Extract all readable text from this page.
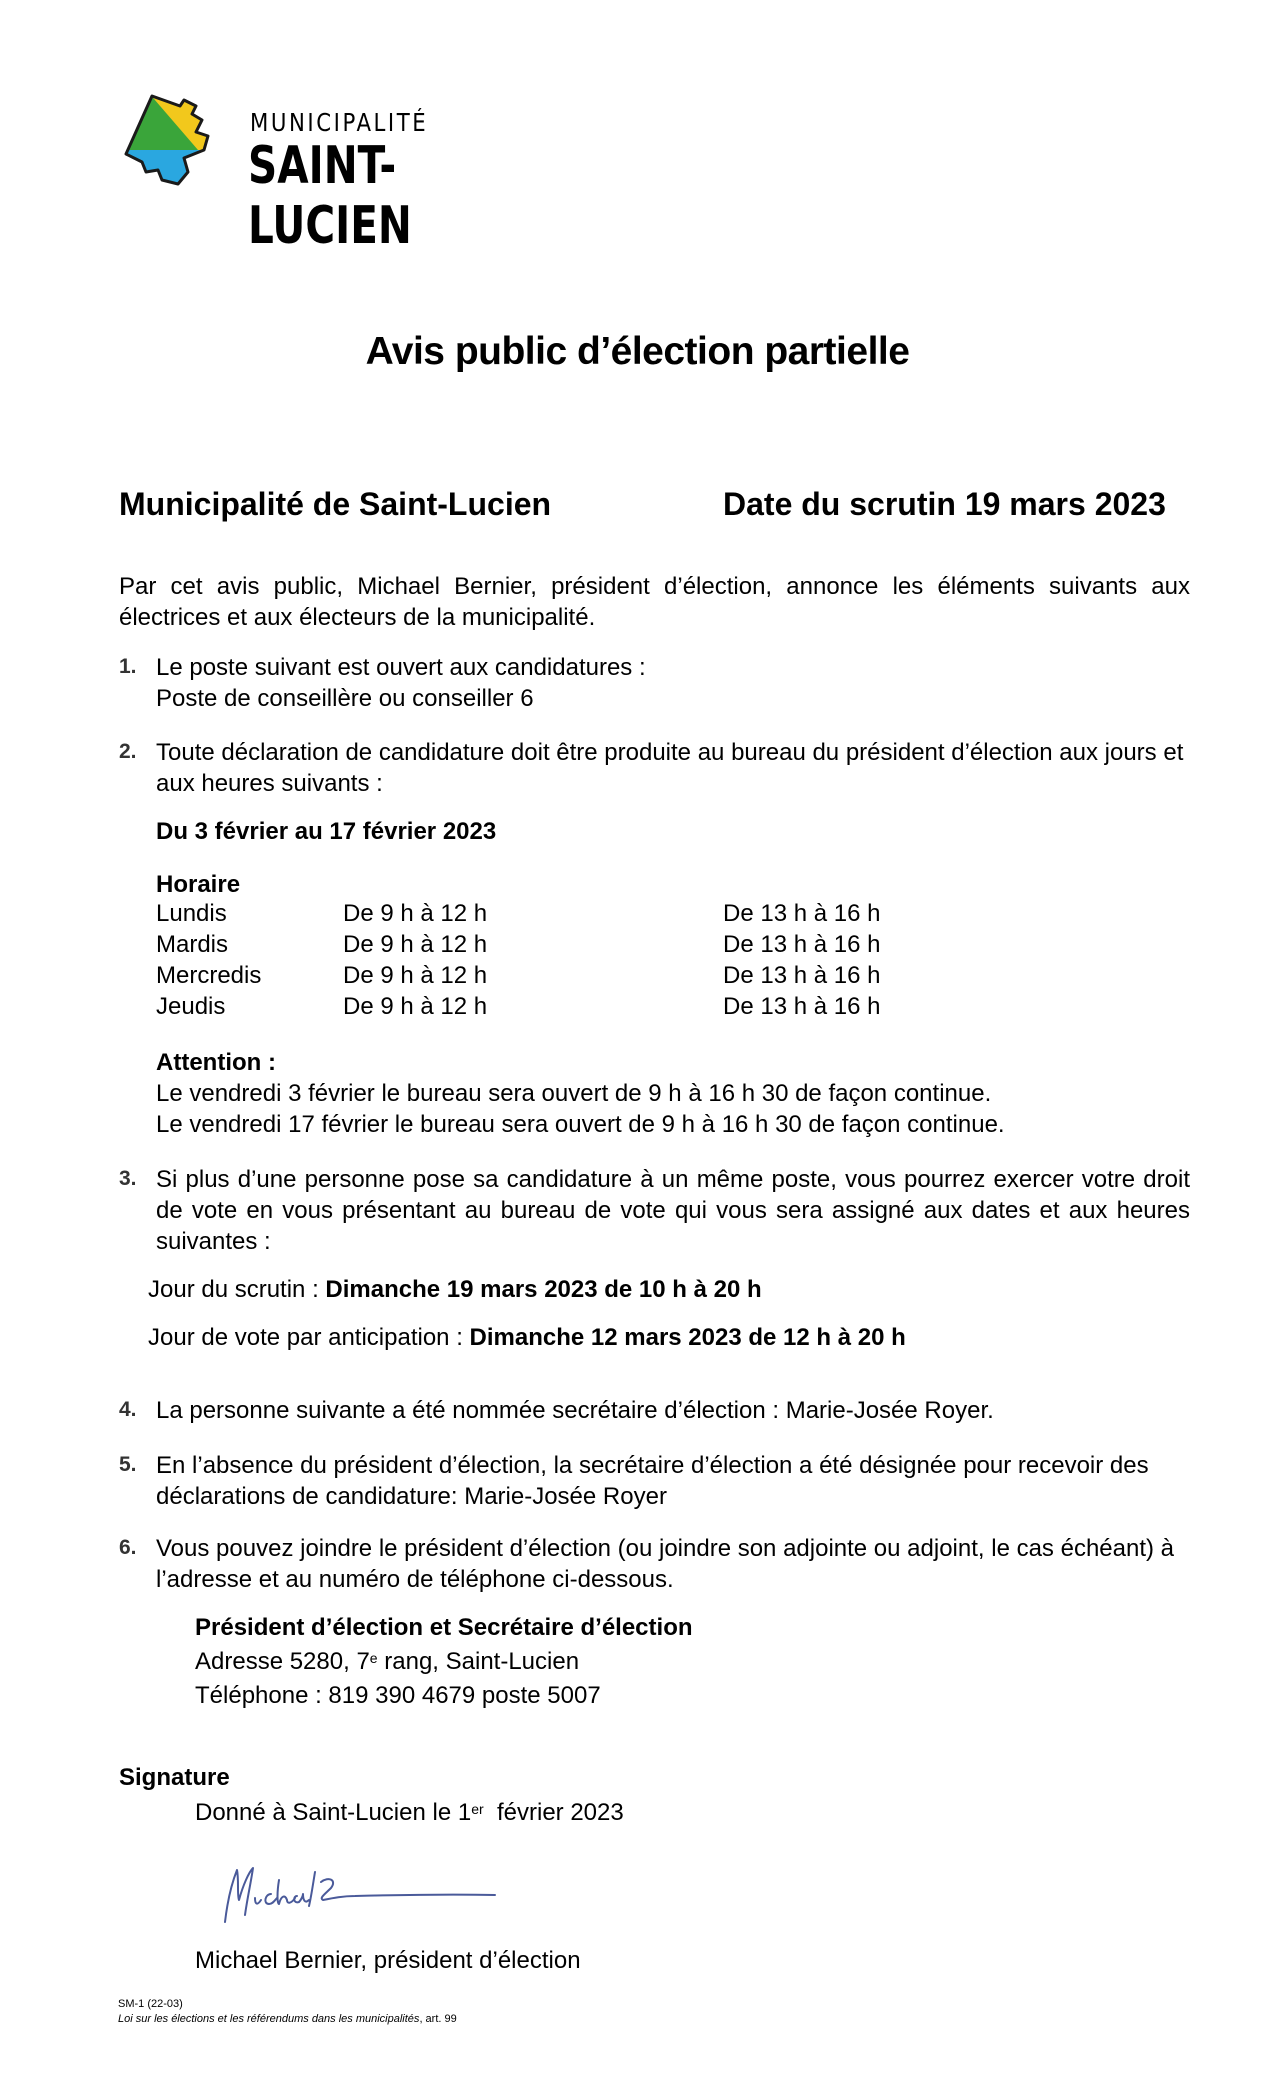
MUNICIPALITÉ
SAINT-LUCIEN
Avis public d’élection partielle
Municipalité de Saint-Lucien	Date du scrutin 19 mars 2023
Par cet avis public, Michael Bernier, président d’élection, annonce les éléments suivants aux électrices et aux électeurs de la municipalité.
1. Le poste suivant est ouvert aux candidatures :
Poste de conseillère ou conseiller 6
2. Toute déclaration de candidature doit être produite au bureau du président d’élection aux jours et aux heures suivants :
Du 3 février au 17 février 2023
Horaire
Lundis	De 9 h à 12 h	De 13 h à 16 h
Mardis	De 9 h à 12 h	De 13 h à 16 h
Mercredis	De 9 h à 12 h	De 13 h à 16 h
Jeudis	De 9 h à 12 h	De 13 h à 16 h
Attention :
Le vendredi 3 février le bureau sera ouvert de 9 h à 16 h 30 de façon continue.
Le vendredi 17 février le bureau sera ouvert de 9 h à 16 h 30 de façon continue.
3. Si plus d’une personne pose sa candidature à un même poste, vous pourrez exercer votre droit de vote en vous présentant au bureau de vote qui vous sera assigné aux dates et aux heures suivantes :
Jour du scrutin : Dimanche 19 mars 2023 de 10 h à 20 h
Jour de vote par anticipation : Dimanche 12 mars 2023 de 12 h à 20 h
4. La personne suivante a été nommée secrétaire d’élection : Marie-Josée Royer.
5. En l’absence du président d’élection, la secrétaire d’élection a été désignée pour recevoir des déclarations de candidature: Marie-Josée Royer
6. Vous pouvez joindre le président d’élection (ou joindre son adjointe ou adjoint, le cas échéant) à l’adresse et au numéro de téléphone ci-dessous.
Président d’élection et Secrétaire d’élection
Adresse 5280, 7e rang, Saint-Lucien
Téléphone : 819 390 4679 poste 5007
Signature
Donné à Saint-Lucien le 1er  février 2023
Michael Bernier, président d’élection
SM-1 (22-03)
Loi sur les élections et les référendums dans les municipalités, art. 99
